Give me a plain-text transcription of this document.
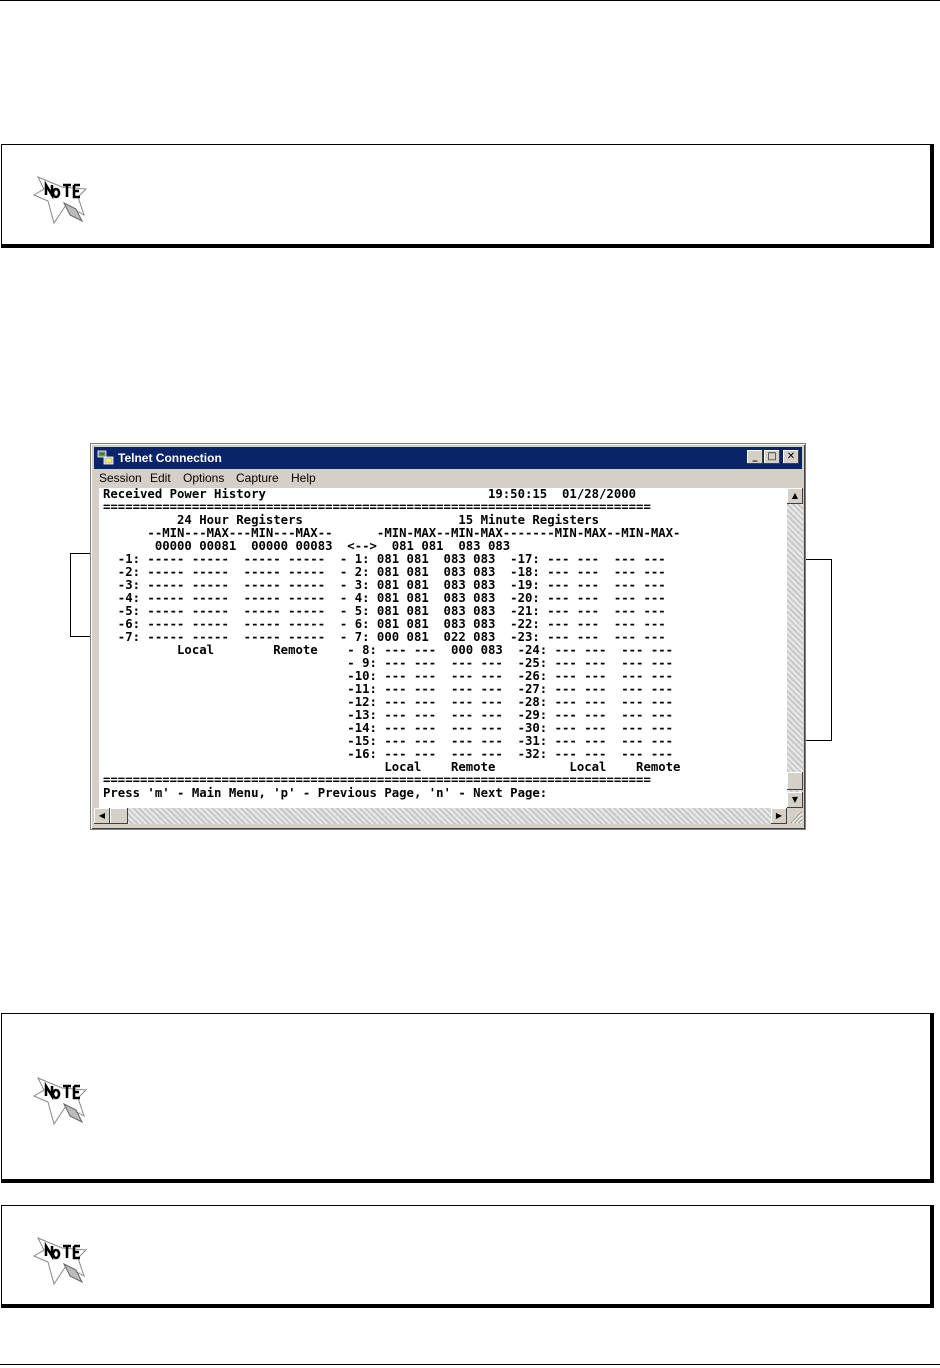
Telnet Connection	_ □	✕
Session Edit Options Capture Help
Received Power History                              19:50:15  01/28/2000
==========================================================================
24 Hour Registers                     15 Minute Registers
--MIN---MAX---MIN---MAX--      -MIN-MAX--MIN-MAX-------MIN-MAX--MIN-MAX-
00000 00081  00000 00083  <-->  081 081  083 083
-1: ----- -----  ----- -----  - 1: 081 081  083 083  -17: --- ---  --- ---
-2: ----- -----  ----- -----  - 2: 081 081  083 083  -18: --- ---  --- ---
-3: ----- -----  ----- -----  - 3: 081 081  083 083  -19: --- ---  --- ---
-4: ----- -----  ----- -----  - 4: 081 081  083 083  -20: --- ---  --- ---
-5: ----- -----  ----- -----  - 5: 081 081  083 083  -21: --- ---  --- ---
-6: ----- -----  ----- -----  - 6: 081 081  083 083  -22: --- ---  --- ---
-7: ----- -----  ----- -----  - 7: 000 081  022 083  -23: --- ---  --- ---
Local        Remote    - 8: --- ---  000 083  -24: --- ---  --- ---
- 9: --- ---  --- ---  -25: --- ---  --- ---
-10: --- ---  --- ---  -26: --- ---  --- ---
-11: --- ---  --- ---  -27: --- ---  --- ---
-12: --- ---  --- ---  -28: --- ---  --- ---
-13: --- ---  --- ---  -29: --- ---  --- ---
-14: --- ---  --- ---  -30: --- ---  --- ---
-15: --- ---  --- ---  -31: --- ---  --- ---
-16: --- ---  --- ---  -32: --- ---  --- ---
Local    Remote          Local    Remote
==========================================================================
Press 'm' - Main Menu, 'p' - Previous Page, 'n' - Next Page:
▲
▼
◀	▶
